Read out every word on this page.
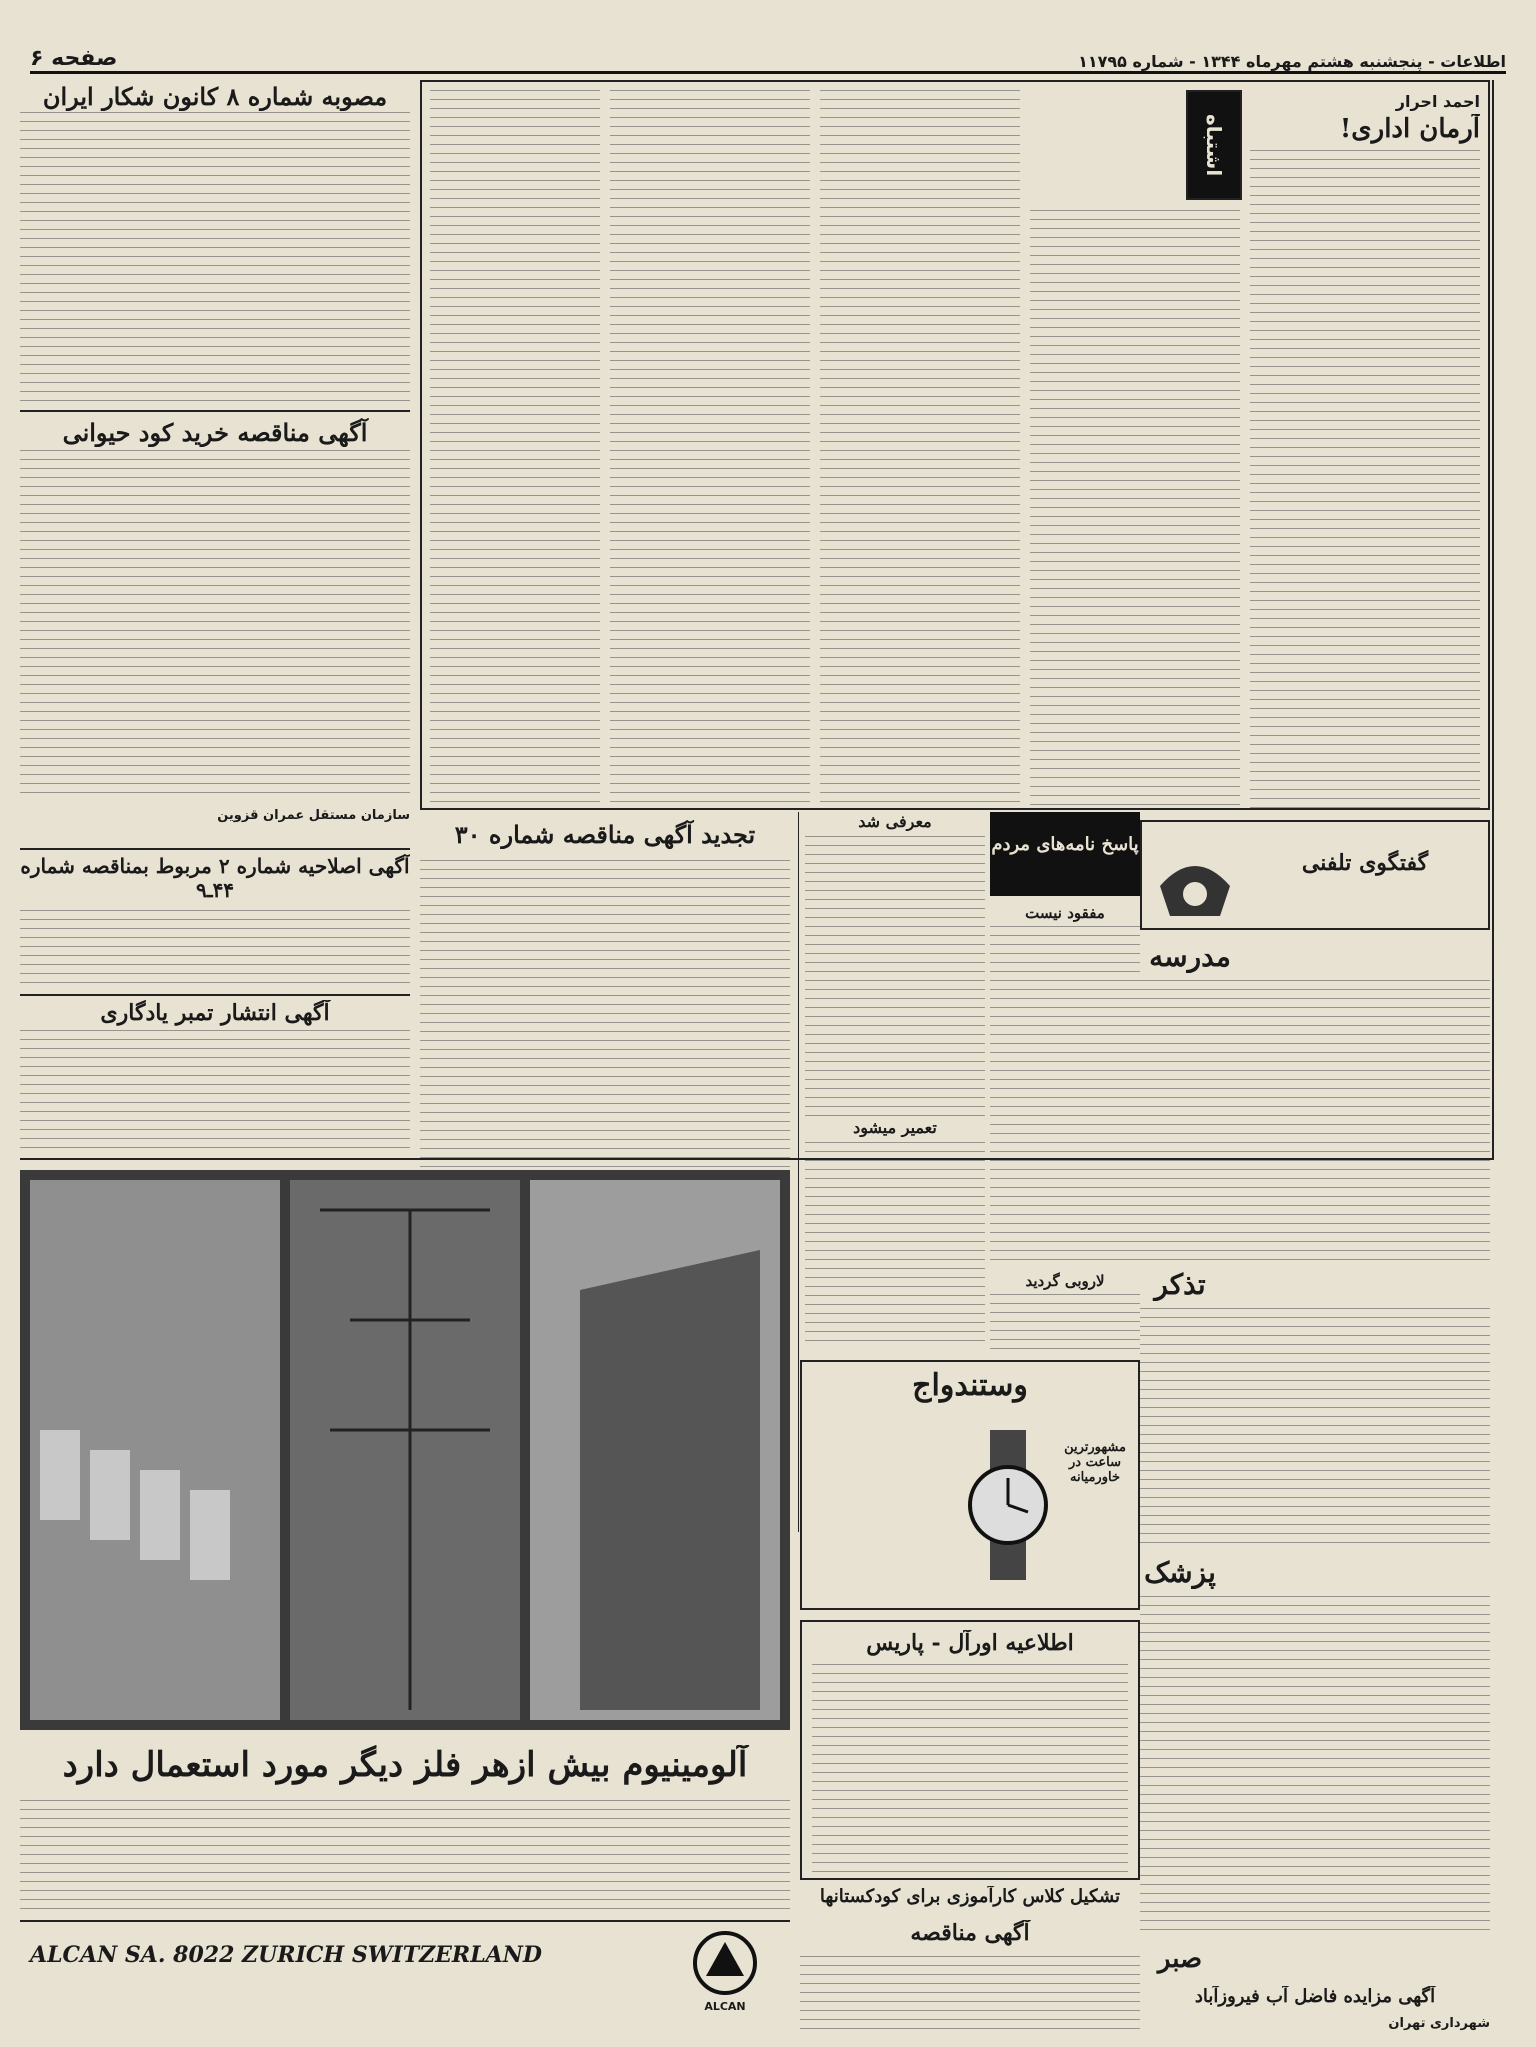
اطلاعات - پنجشنبه هشتم مهرماه ۱۳۴۴ - شماره ۱۱۷۹۵
صفحه ۶
اشتباه
احمد احرار
آرمان اداری!
مصوبه شماره ۸ کانون شکار ایران
آگهی مناقصه خرید کود حیوانی
سازمان مستقل عمران قزوین
آگهی اصلاحیه شماره ۲ مربوط بمناقصه شماره ۴۴ـ۹
آگهی انتشار تمبر یادگاری
تجدید آگهی مناقصه شماره ۳۰	معرفی شد
تعمیر میشود
پاسخ نامه‌های مردم
مفقود نیست
لاروبی گردید
وستندواج
مشهورترین ساعت در خاورمیانه
اطلاعیه اورآل - پاریس
تشکیل کلاس کارآموزی برای کودکستانها
گفتگوی تلفنی
مدرسه
تذکر
پزشک
صبر
آلومینیوم بیش ازهر فلز دیگر مورد استعمال دارد
ALCAN SA. 8022 ZURICH SWITZERLAND
ALCAN
آگهی مناقصه
آگهی مزایده فاضل آب فیروزآباد
شهرداری تهران
